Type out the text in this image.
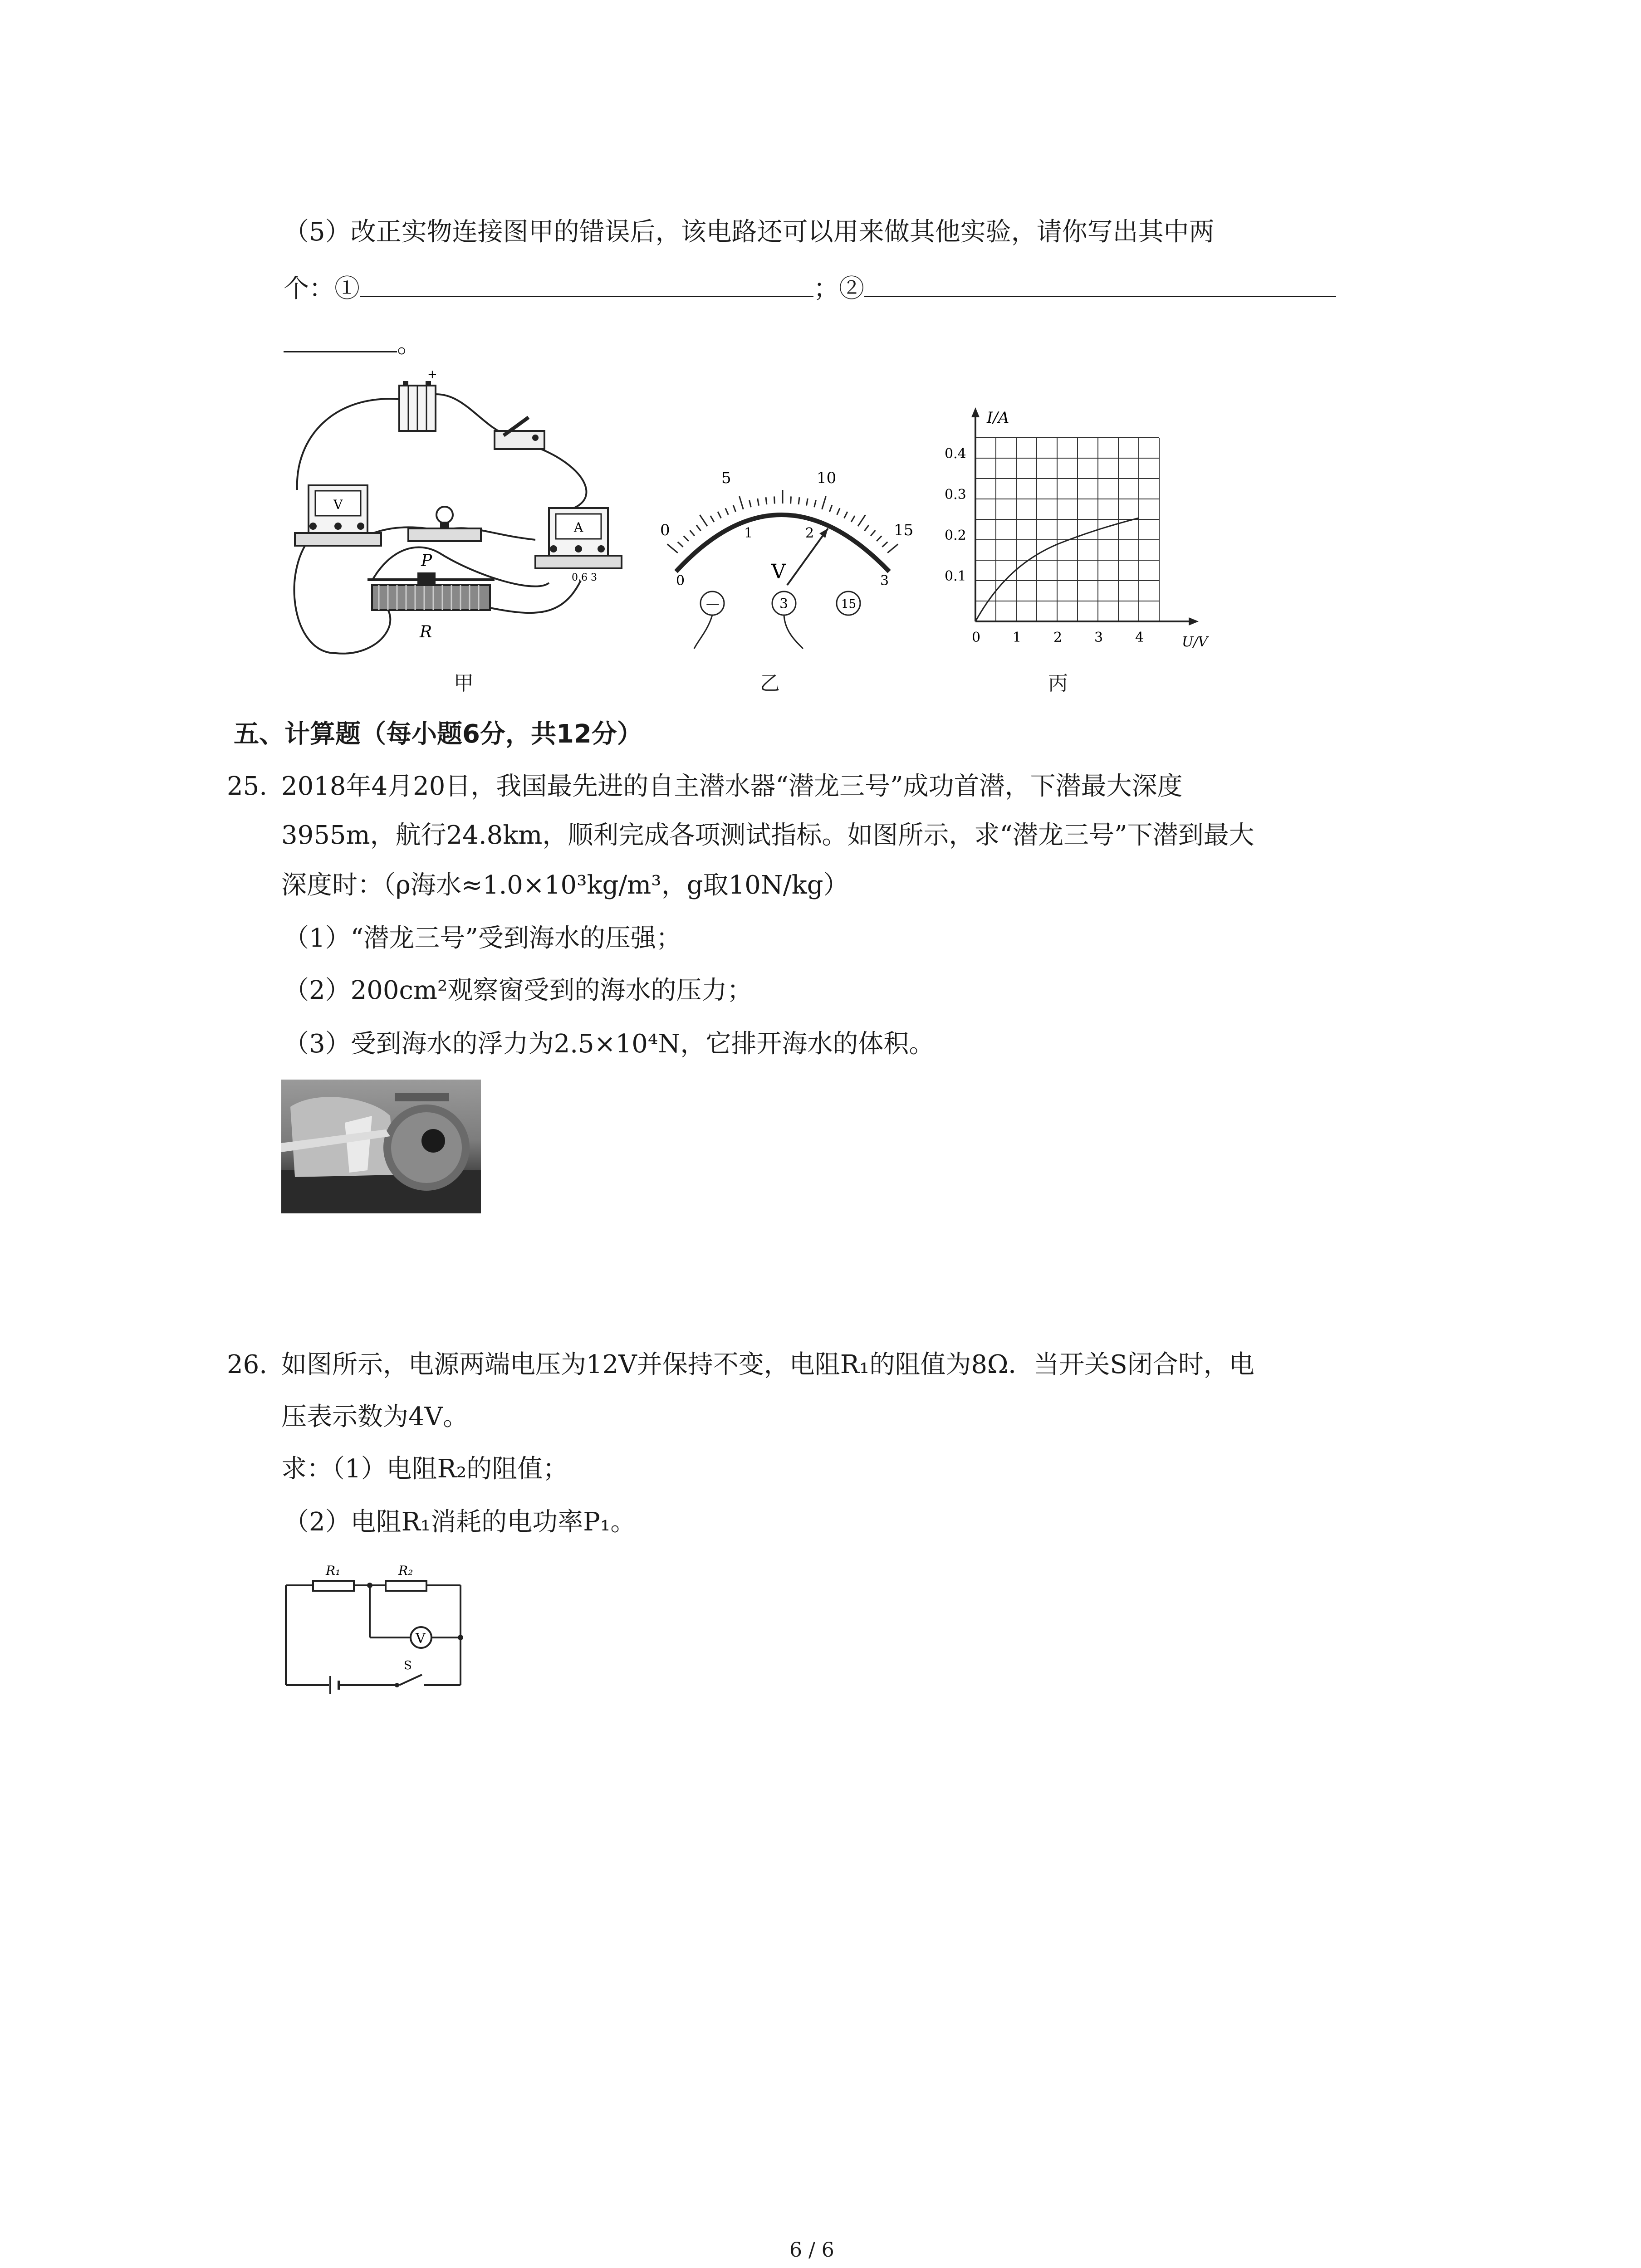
（5）改正实物连接图甲的错误后，该电路还可以用来做其他实验，请你写出其中两
个：①	；②
。
+
V
A
0.6 3
P
R
甲
0
5	10
15
0
1	2
3
V
—	3	15
乙
I/A
U/V
0.4
0.3
0.2
0.1
0 1 2 3 4
丙
五、计算题（每小题6分，共12分）
25. 2018年4月20日，我国最先进的自主潜水器“潜龙三号”成功首潜，下潜最大深度
3955m，航行24.8km，顺利完成各项测试指标。如图所示，求“潜龙三号”下潜到最大
深度时：（ρ海水≈1.0×10³kg/m³，g取10N/kg）
（1）“潜龙三号”受到海水的压强；
（2）200cm²观察窗受到的海水的压力；
（3）受到海水的浮力为2.5×10⁴N，它排开海水的体积。
26. 如图所示，电源两端电压为12V并保持不变，电阻R₁的阻值为8Ω．当开关S闭合时，电
压表示数为4V。
求：（1）电阻R₂的阻值；
（2）电阻R₁消耗的电功率P₁。
R₁	R₂
V
S
6 / 6
